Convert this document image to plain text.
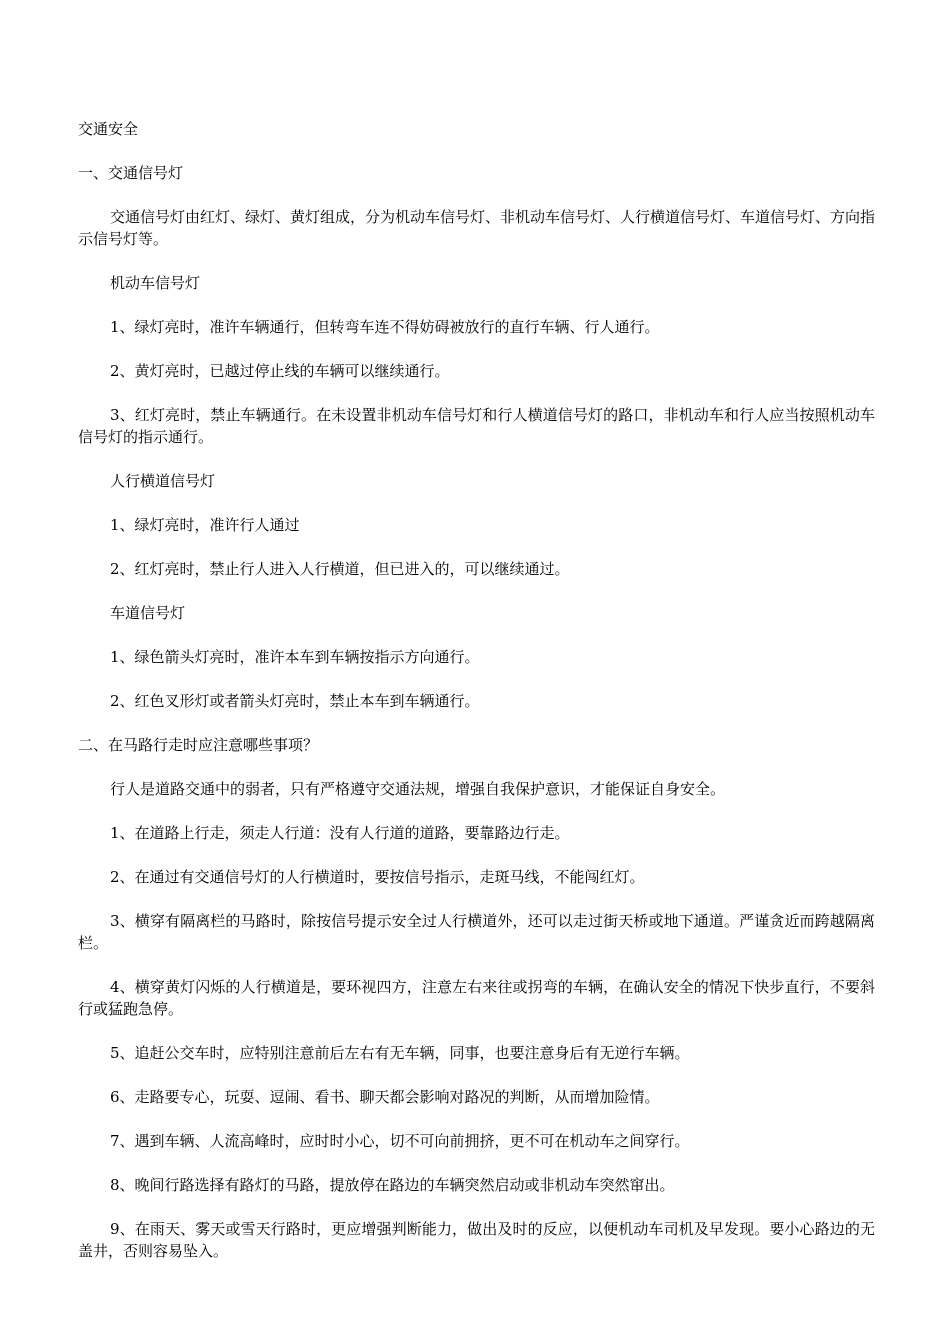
交通安全

一、交通信号灯

交通信号灯由红灯、绿灯、黄灯组成，分为机动车信号灯、非机动车信号灯、人行横道信号灯、车道信号灯、方向指示信号灯等。

机动车信号灯

1、绿灯亮时，准许车辆通行，但转弯车连不得妨碍被放行的直行车辆、行人通行。

2、黄灯亮时，已越过停止线的车辆可以继续通行。

3、红灯亮时，禁止车辆通行。在未设置非机动车信号灯和行人横道信号灯的路口，非机动车和行人应当按照机动车信号灯的指示通行。

人行横道信号灯

1、绿灯亮时，准许行人通过

2、红灯亮时，禁止行人进入人行横道，但已进入的，可以继续通过。

车道信号灯

1、绿色箭头灯亮时，准许本车到车辆按指示方向通行。

2、红色叉形灯或者箭头灯亮时，禁止本车到车辆通行。

二、在马路行走时应注意哪些事项？

行人是道路交通中的弱者，只有严格遵守交通法规，增强自我保护意识，才能保证自身安全。

1、在道路上行走，须走人行道：没有人行道的道路，要靠路边行走。

2、在通过有交通信号灯的人行横道时，要按信号指示，走斑马线，不能闯红灯。

3、横穿有隔离栏的马路时，除按信号提示安全过人行横道外，还可以走过街天桥或地下通道。严谨贪近而跨越隔离栏。

4、横穿黄灯闪烁的人行横道是，要环视四方，注意左右来往或拐弯的车辆，在确认安全的情况下快步直行，不要斜行或猛跑急停。

5、追赶公交车时，应特别注意前后左右有无车辆，同事，也要注意身后有无逆行车辆。

6、走路要专心，玩耍、逗闹、看书、聊天都会影响对路况的判断，从而增加险情。

7、遇到车辆、人流高峰时，应时时小心，切不可向前拥挤，更不可在机动车之间穿行。

8、晚间行路选择有路灯的马路，提放停在路边的车辆突然启动或非机动车突然窜出。

9、在雨天、雾天或雪天行路时，更应增强判断能力，做出及时的反应，以便机动车司机及早发现。要小心路边的无盖井，否则容易坠入。
